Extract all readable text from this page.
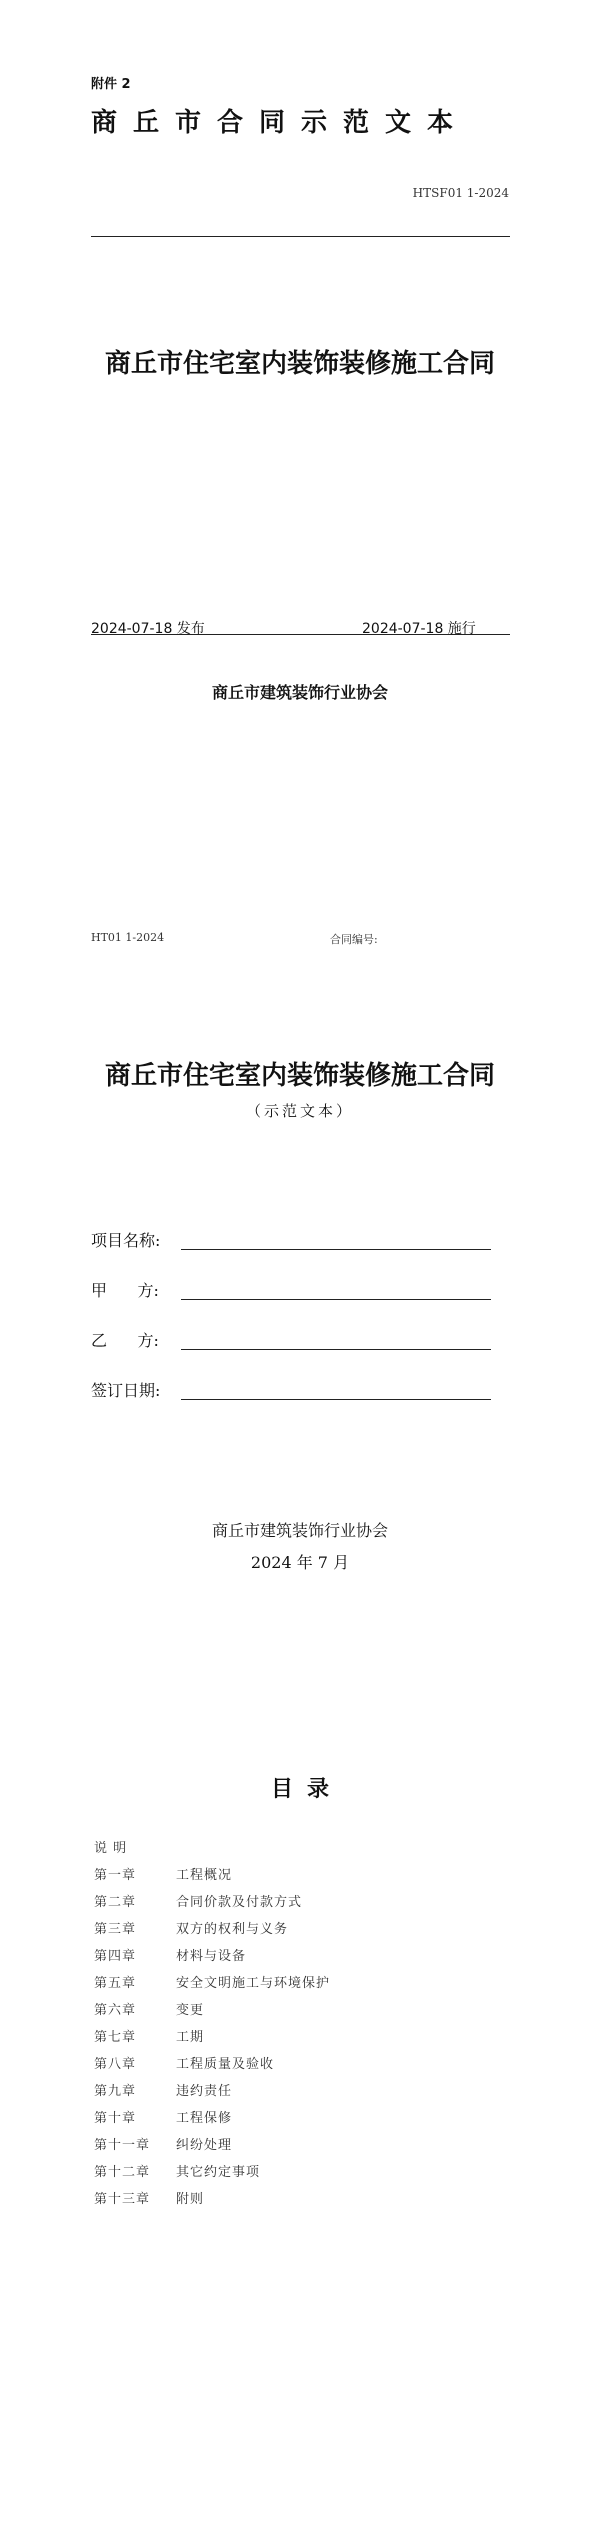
附件 2
商丘市合同示范文本
HTSF01 1-2024
商丘市住宅室内装饰装修施工合同
2024-07-18 发布	2024-07-18 施行
商丘市建筑装饰行业协会
HT01 1-2024	合同编号:
商丘市住宅室内装饰装修施工合同
（示范文本）
项目名称:
甲      方:
乙      方:
签订日期:
商丘市建筑装饰行业协会
2024 年 7 月
目录
说 明
第一章	工程概况
第二章	合同价款及付款方式
第三章	双方的权利与义务
第四章	材料与设备
第五章	安全文明施工与环境保护
第六章	变更
第七章	工期
第八章	工程质量及验收
第九章	违约责任
第十章	工程保修
第十一章 纠纷处理
第十二章 其它约定事项
第十三章 附则
